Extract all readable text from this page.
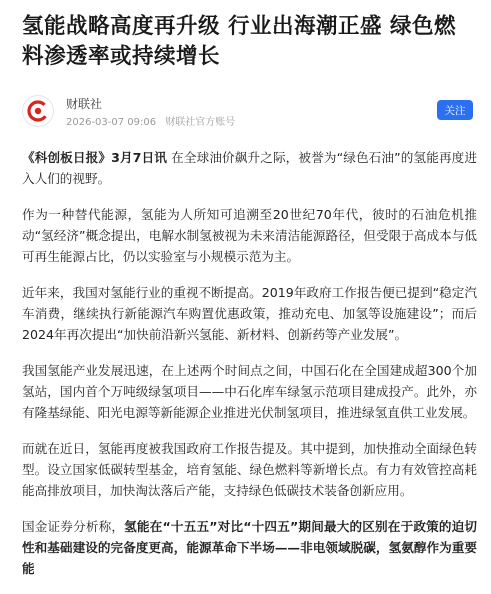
氢能战略高度再升级 行业出海潮正盛 绿色燃料渗透率或持续增长
财联社
2026-03-07 09:06 财联社官方账号
关注

《科创板日报》3月7日讯 在全球油价飙升之际，被誉为“绿色石油”的氢能再度进入人们的视野。

作为一种替代能源，氢能为人所知可追溯至20世纪70年代，彼时的石油危机推动“氢经济”概念提出，电解水制氢被视为未来清洁能源路径，但受限于高成本与低可再生能源占比，仍以实验室与小规模示范为主。

近年来，我国对氢能行业的重视不断提高。2019年政府工作报告便已提到“稳定汽车消费，继续执行新能源汽车购置优惠政策，推动充电、加氢等设施建设”；而后2024年再次提出“加快前沿新兴氢能、新材料、创新药等产业发展”。

我国氢能产业发展迅速，在上述两个时间点之间，中国石化在全国建成超300个加氢站，国内首个万吨级绿氢项目——中石化库车绿氢示范项目建成投产。此外，亦有隆基绿能、阳光电源等新能源企业推进光伏制氢项目，推进绿氢直供工业发展。

而就在近日，氢能再度被我国政府工作报告提及。其中提到，加快推动全面绿色转型。设立国家低碳转型基金，培育氢能、绿色燃料等新增长点。有力有效管控高耗能高排放项目，加快淘汰落后产能，支持绿色低碳技术装备创新应用。

国金证券分析称，氢能在“十五五”对比“十四五”期间最大的区别在于政策的迫切性和基础建设的完备度更高，能源革命下半场——非电领域脱碳，氢氨醇作为重要能
